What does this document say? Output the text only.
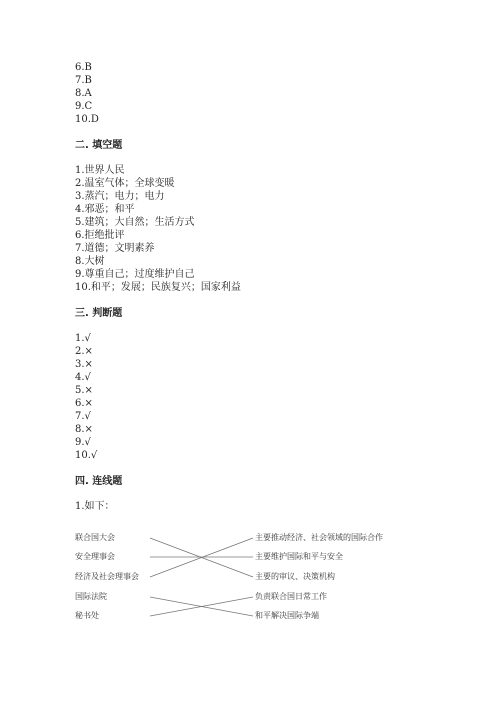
6.B
7.B
8.A
9.C
10.D
二. 填空题
1.世界人民
2.温室气体；全球变暖
3.蒸汽；电力；电力
4.邪恶；和平
5.建筑；大自然；生活方式
6.拒绝批评
7.道德；文明素养
8.大树
9.尊重自己；过度维护自己
10.和平；发展；民族复兴；国家利益
三. 判断题
1.√
2.×
3.×
4.√
5.×
6.×
7.√
8.×
9.√
10.√
四. 连线题
1.如下：
联合国大会
安全理事会
经济及社会理事会
国际法院
秘书处
主要推动经济、社会领域的国际合作
主要维护国际和平与安全
主要的审议、决策机构
负责联合国日常工作
和平解决国际争端
